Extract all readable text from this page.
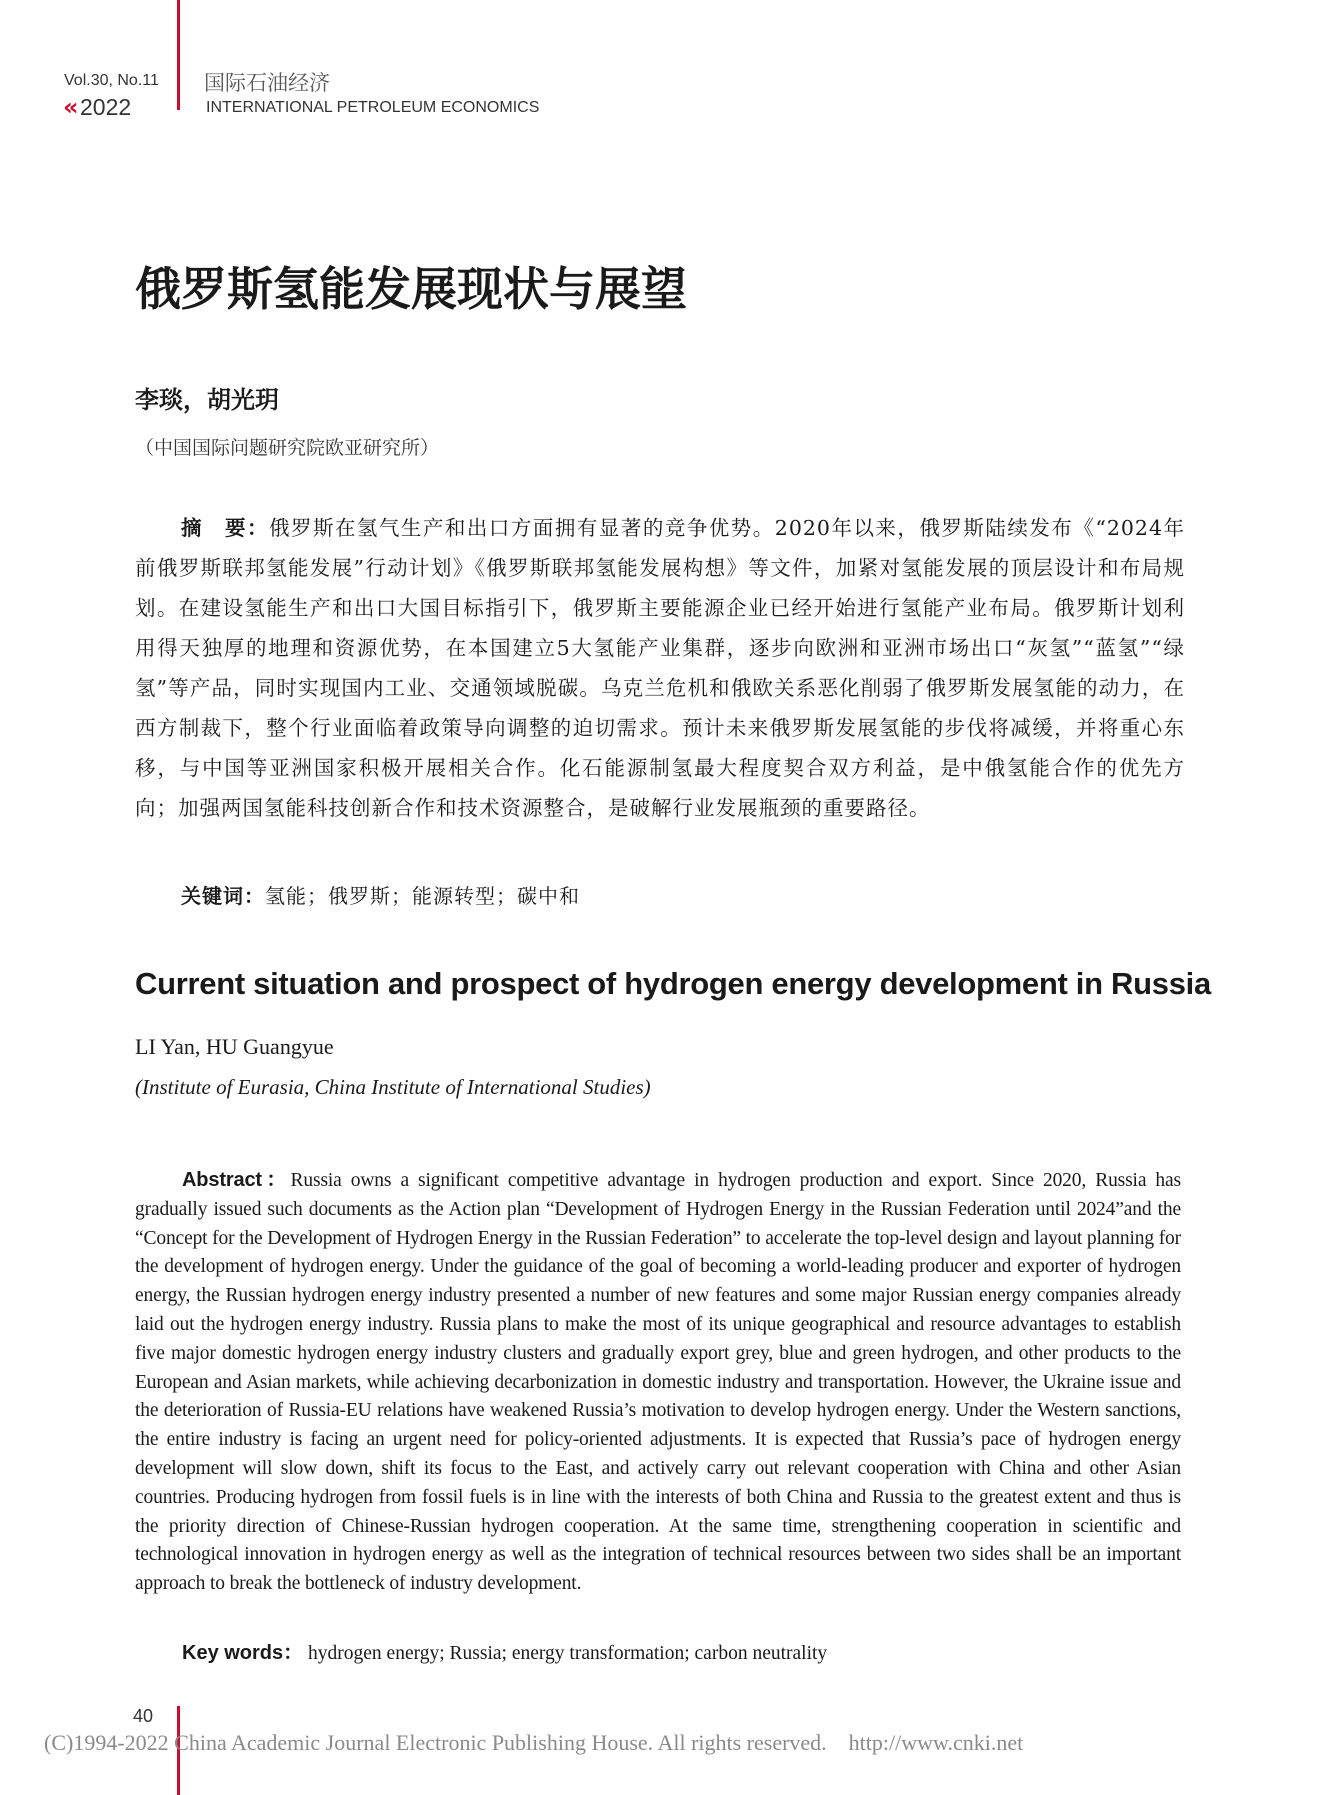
Vol.30, No.11
« 2022
国际石油经济
INTERNATIONAL PETROLEUM ECONOMICS
俄罗斯氢能发展现状与展望
李琰，胡光玥
（中国国际问题研究院欧亚研究所）
摘　要：俄罗斯在氢气生产和出口方面拥有显著的竞争优势。2020年以来，俄罗斯陆续发布《“2024年前俄罗斯联邦氢能发展”行动计划》《俄罗斯联邦氢能发展构想》等文件，加紧对氢能发展的顶层设计和布局规划。在建设氢能生产和出口大国目标指引下，俄罗斯主要能源企业已经开始进行氢能产业布局。俄罗斯计划利用得天独厚的地理和资源优势，在本国建立5大氢能产业集群，逐步向欧洲和亚洲市场出口“灰氢”“蓝氢”“绿氢”等产品，同时实现国内工业、交通领域脱碳。乌克兰危机和俄欧关系恶化削弱了俄罗斯发展氢能的动力，在西方制裁下，整个行业面临着政策导向调整的迫切需求。预计未来俄罗斯发展氢能的步伐将减缓，并将重心东移，与中国等亚洲国家积极开展相关合作。化石能源制氢最大程度契合双方利益，是中俄氢能合作的优先方向；加强两国氢能科技创新合作和技术资源整合，是破解行业发展瓶颈的重要路径。
关键词：氢能；俄罗斯；能源转型；碳中和
Current situation and prospect of hydrogen energy development in Russia
LI Yan, HU Guangyue
(Institute of Eurasia, China Institute of International Studies)
Abstract：Russia owns a significant competitive advantage in hydrogen production and export. Since 2020, Russia has gradually issued such documents as the Action plan “Development of Hydrogen Energy in the Russian Federation until 2024”and the “Concept for the Development of Hydrogen Energy in the Russian Federation” to accelerate the top-level design and layout planning for the development of hydrogen energy. Under the guidance of the goal of becoming a world-leading producer and exporter of hydrogen energy, the Russian hydrogen energy industry presented a number of new features and some major Russian energy companies already laid out the hydrogen energy industry. Russia plans to make the most of its unique geographical and resource advantages to establish five major domestic hydrogen energy industry clusters and gradually export grey, blue and green hydrogen, and other products to the European and Asian markets, while achieving decarbonization in domestic industry and transportation. However, the Ukraine issue and the deterioration of Russia-EU relations have weakened Russia’s motivation to develop hydrogen energy. Under the Western sanctions, the entire industry is facing an urgent need for policy-oriented adjustments. It is expected that Russia’s pace of hydrogen energy development will slow down, shift its focus to the East, and actively carry out relevant cooperation with China and other Asian countries. Producing hydrogen from fossil fuels is in line with the interests of both China and Russia to the greatest extent and thus is the priority direction of Chinese-Russian hydrogen cooperation. At the same time, strengthening cooperation in scientific and technological innovation in hydrogen energy as well as the integration of technical resources between two sides shall be an important approach to break the bottleneck of industry development.
Key words： hydrogen energy; Russia; energy transformation; carbon neutrality
40
(C)1994-2022 China Academic Journal Electronic Publishing House. All rights reserved.    http://www.cnki.net
